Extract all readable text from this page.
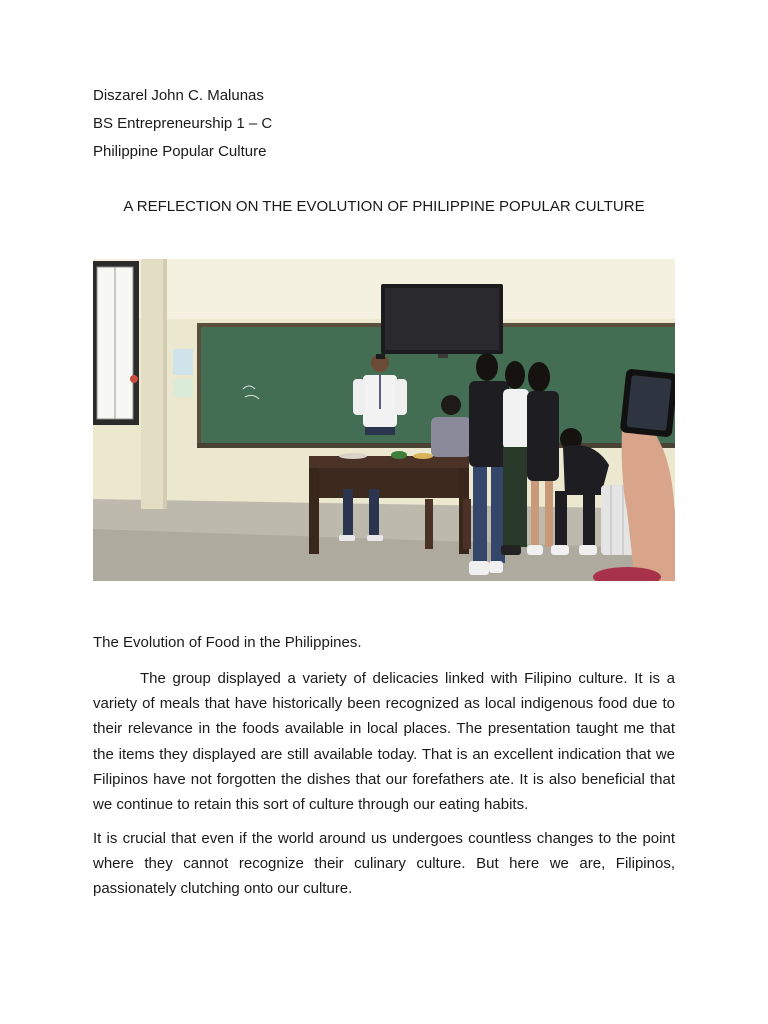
Diszarel John C. Malunas
BS Entrepreneurship 1 – C
Philippine Popular Culture
A REFLECTION ON THE EVOLUTION OF PHILIPPINE POPULAR CULTURE
The Evolution of Food in the Philippines.

The group displayed a variety of delicacies linked with Filipino culture. It is a variety of meals that have historically been recognized as local indigenous food due to their relevance in the foods available in local places. The presentation taught me that the items they displayed are still available today. That is an excellent indication that we Filipinos have not forgotten the dishes that our forefathers ate. It is also beneficial that we continue to retain this sort of culture through our eating habits.

It is crucial that even if the world around us undergoes countless changes to the point where they cannot recognize their culinary culture. But here we are, Filipinos, passionately clutching onto our culture.
